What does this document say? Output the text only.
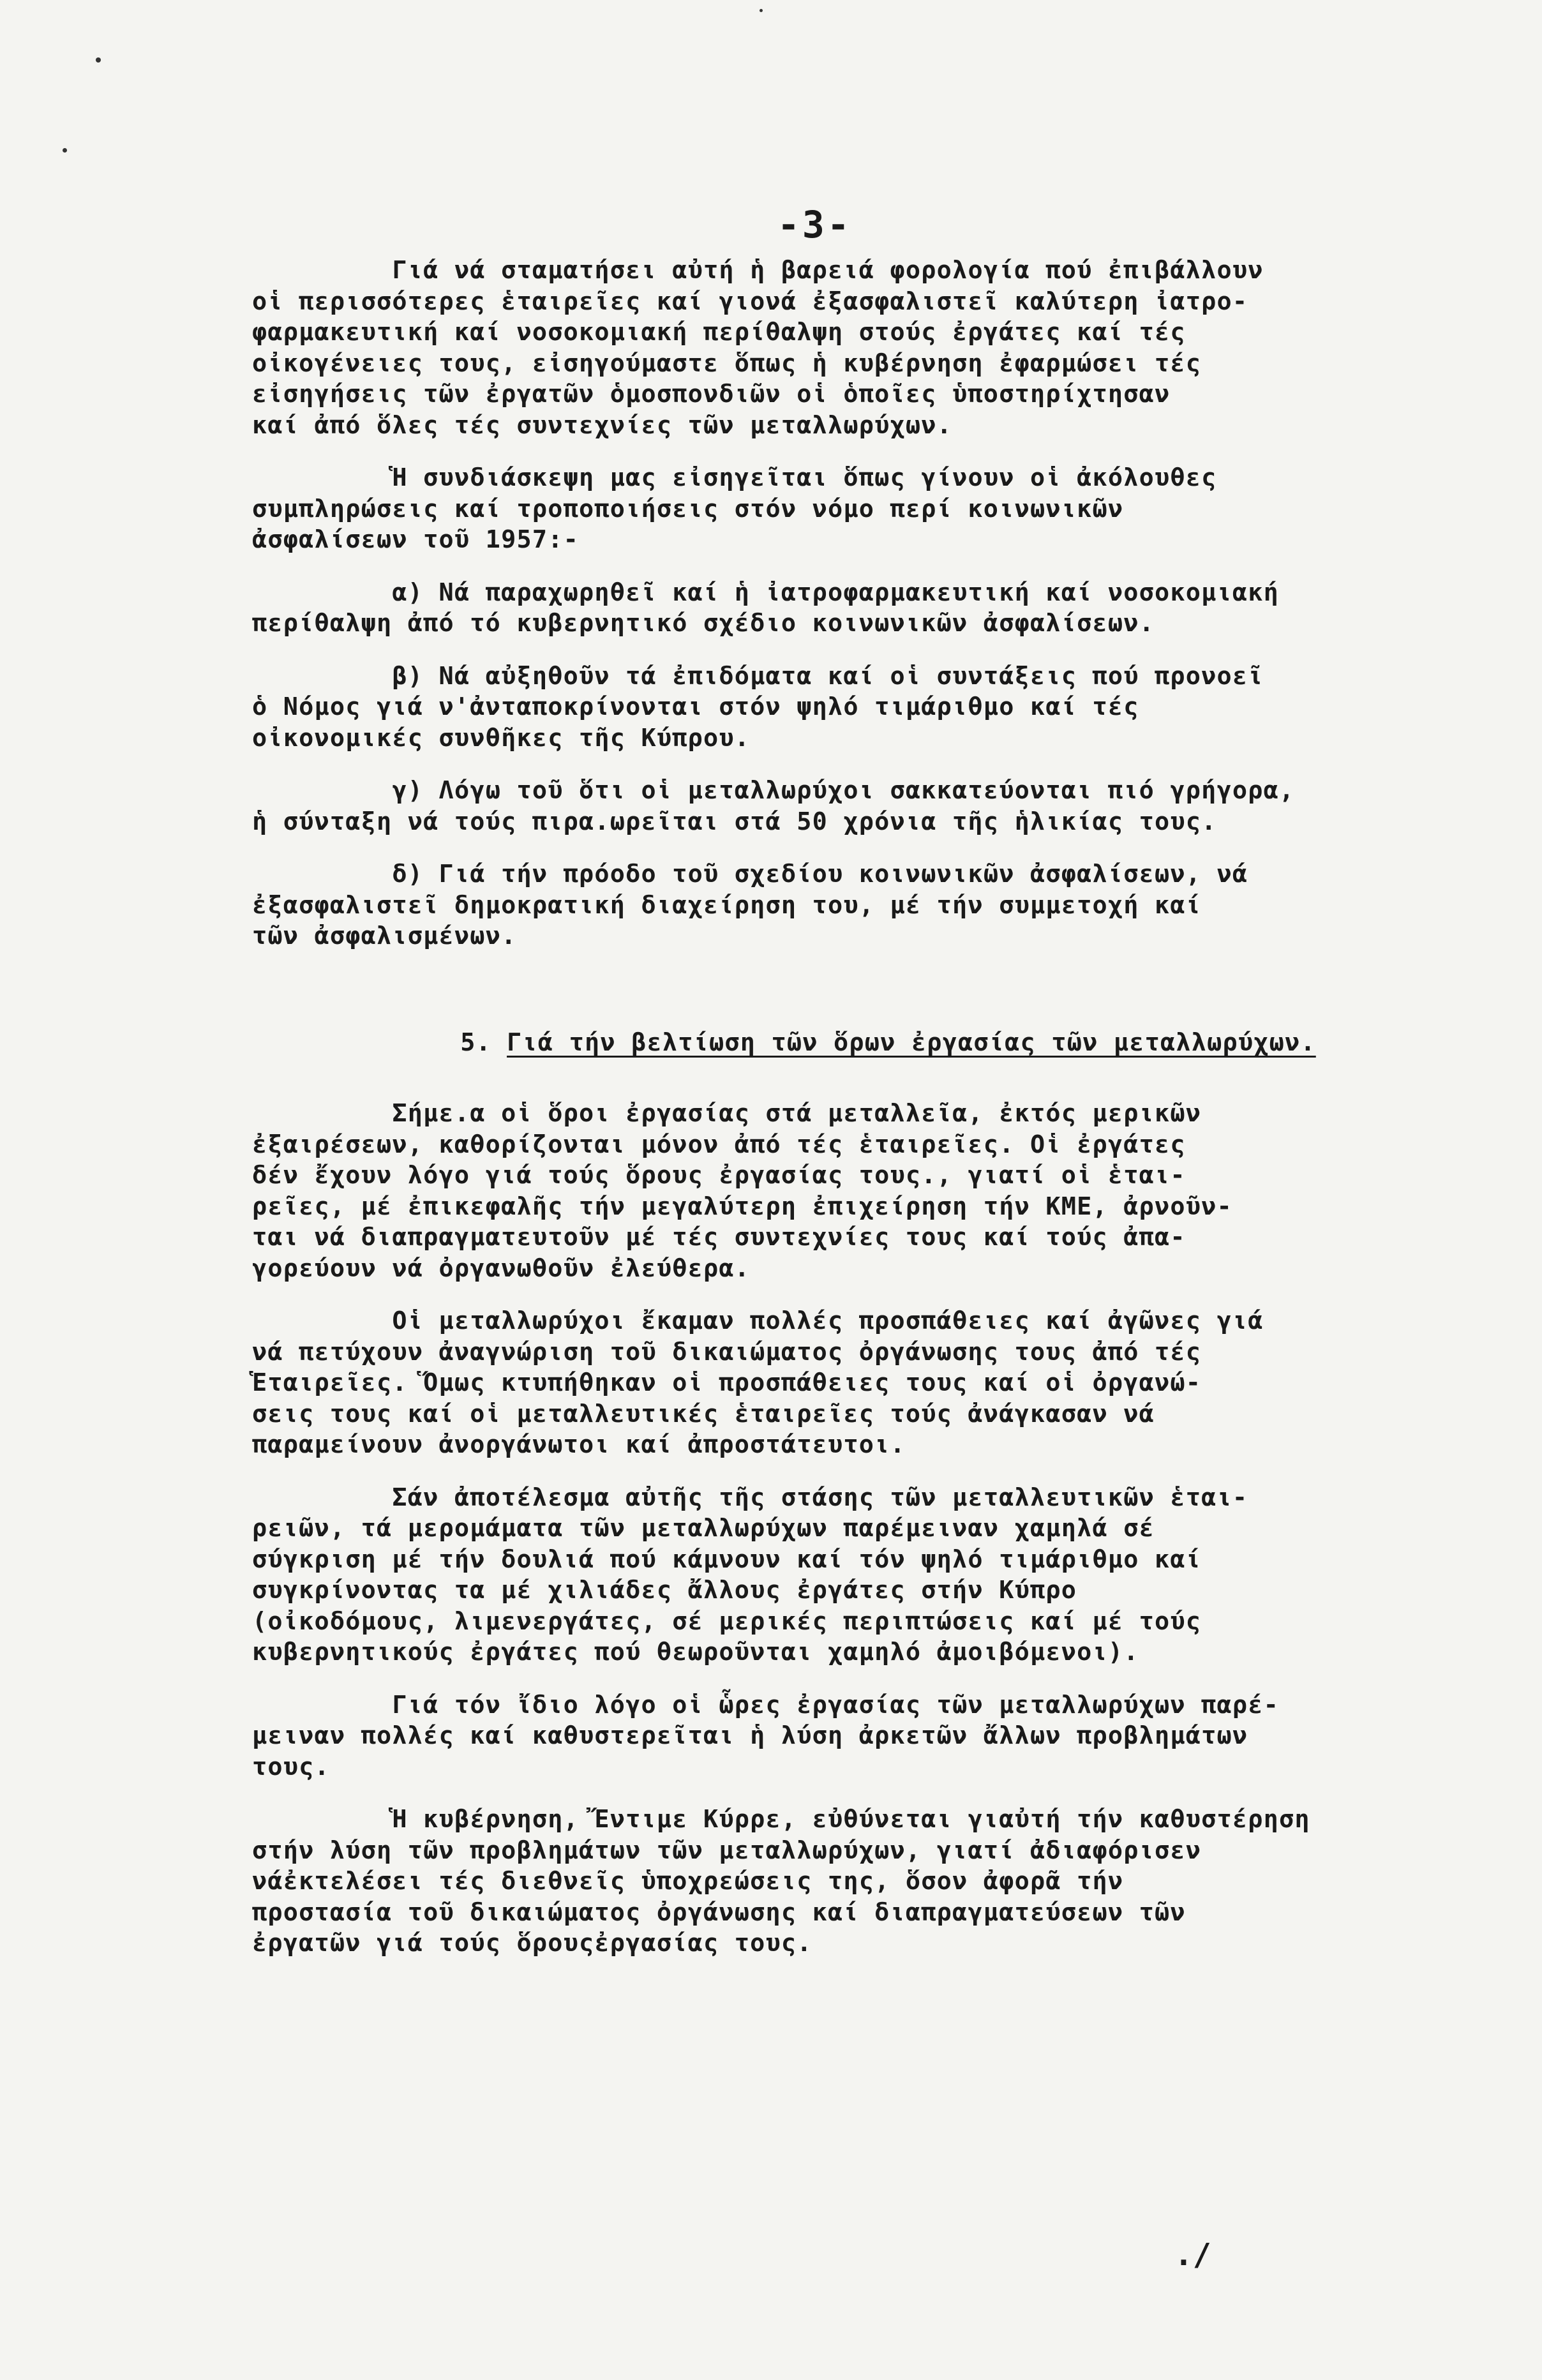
-3-

Γιά νά σταματήσει αὐτή ἡ βαρειά φορολογία πού ἐπιβάλλουν
οἱ περισσότερες ἑταιρεῖες καί γιονά ἐξασφαλιστεῖ καλύτερη ἰατρο-
φαρμακευτική καί νοσοκομιακή περίθαλψη στούς ἐργάτες καί τές
οἰκογένειες τους, εἰσηγούμαστε ὅπως ἡ κυβέρνηση ἐφαρμώσει τές
εἰσηγήσεις τῶν ἐργατῶν ὁμοσπονδιῶν οἱ ὁποῖες ὑποστηρίχτησαν
καί ἀπό ὅλες τές συντεχνίες τῶν μεταλλωρύχων.

Ἡ συνδιάσκεψη μας εἰσηγεῖται ὅπως γίνουν οἱ ἀκόλουθες
συμπληρώσεις καί τροποποιήσεις στόν νόμο περί κοινωνικῶν
ἀσφαλίσεων τοῦ 1957:-

α) Νά παραχωρηθεῖ καί ἡ ἰατροφαρμακευτική καί νοσοκομιακή
περίθαλψη ἀπό τό κυβερνητικό σχέδιο κοινωνικῶν ἀσφαλίσεων.

β) Νά αὐξηθοῦν τά ἐπιδόματα καί οἱ συντάξεις πού προνοεῖ
ὁ Νόμος γιά ν'ἀνταποκρίνονται στόν ψηλό τιμάριθμο καί τές
οἰκονομικές συνθῆκες τῆς Κύπρου.

γ) Λόγω τοῦ ὅτι οἱ μεταλλωρύχοι σακκατεύονται πιό γρήγορα,
ἡ σύνταξη νά τούς πιρα.ωρεῖται στά 50 χρόνια τῆς ἡλικίας τους.

δ) Γιά τήν πρόοδο τοῦ σχεδίου κοινωνικῶν ἀσφαλίσεων, νά
ἐξασφαλιστεῖ δημοκρατική διαχείρηση του, μέ τήν συμμετοχή καί
τῶν ἀσφαλισμένων.

5. Γιά τήν βελτίωση τῶν ὅρων ἐργασίας τῶν μεταλλωρύχων.

Σήμε.α οἱ ὅροι ἐργασίας στά μεταλλεῖα, ἐκτός μερικῶν
ἐξαιρέσεων, καθορίζονται μόνον ἀπό τές ἑταιρεῖες. Οἱ ἐργάτες
δέν ἔχουν λόγο γιά τούς ὅρους ἐργασίας τους., γιατί οἱ ἑται-
ρεῖες, μέ ἐπικεφαλῆς τήν μεγαλύτερη ἐπιχείρηση τήν ΚΜΕ, ἀρνοῦν-
ται νά διαπραγματευτοῦν μέ τές συντεχνίες τους καί τούς ἀπα-
γορεύουν νά ὀργανωθοῦν ἐλεύθερα.

Οἱ μεταλλωρύχοι ἔκαμαν πολλές προσπάθειες καί ἀγῶνες γιά
νά πετύχουν ἀναγνώριση τοῦ δικαιώματος ὀργάνωσης τους ἀπό τές
Ἑταιρεῖες. Ὅμως κτυπήθηκαν οἱ προσπάθειες τους καί οἱ ὀργανώ-
σεις τους καί οἱ μεταλλευτικές ἑταιρεῖες τούς ἀνάγκασαν νά
παραμείνουν ἀνοργάνωτοι καί ἀπροστάτευτοι.

Σάν ἀποτέλεσμα αὐτῆς τῆς στάσης τῶν μεταλλευτικῶν ἑται-
ρειῶν, τά μερομάματα τῶν μεταλλωρύχων παρέμειναν χαμηλά σέ
σύγκριση μέ τήν δουλιά πού κάμνουν καί τόν ψηλό τιμάριθμο καί
συγκρίνοντας τα μέ χιλιάδες ἄλλους ἐργάτες στήν Κύπρο
(οἰκοδόμους, λιμενεργάτες, σέ μερικές περιπτώσεις καί μέ τούς
κυβερνητικούς ἐργάτες πού θεωροῦνται χαμηλό ἀμοιβόμενοι).

Γιά τόν ἴδιο λόγο οἱ ὧρες ἐργασίας τῶν μεταλλωρύχων παρέ-
μειναν πολλές καί καθυστερεῖται ἡ λύση ἀρκετῶν ἄλλων προβλημάτων
τους.

Ἡ κυβέρνηση, Ἔντιμε Κύρρε, εὐθύνεται γιαὐτή τήν καθυστέρηση
στήν λύση τῶν προβλημάτων τῶν μεταλλωρύχων, γιατί ἀδιαφόρισεν
νάἐκτελέσει τές διεθνεῖς ὑποχρεώσεις της, ὅσον ἀφορᾶ τήν
προστασία τοῦ δικαιώματος ὀργάνωσης καί διαπραγματεύσεων τῶν
ἐργατῶν γιά τούς ὅρουςἐργασίας τους.

./
